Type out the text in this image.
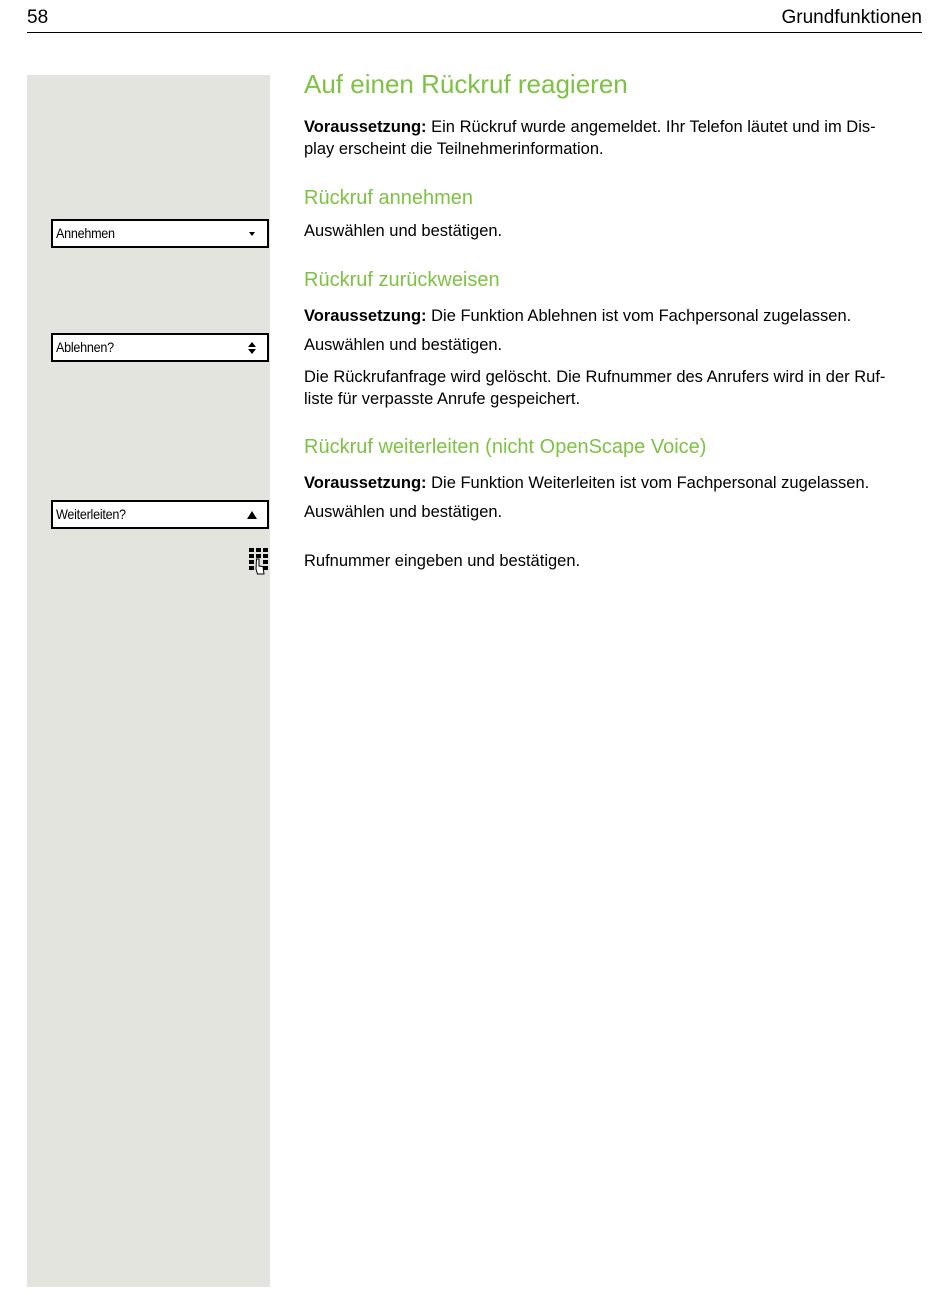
58	Grundfunktionen
Annehmen
Ablehnen?
Weiterleiten?
Auf einen Rückruf reagieren

Voraussetzung: Ein Rückruf wurde angemeldet. Ihr Telefon läutet und im Dis-

play erscheint die Teilnehmerinformation.

Rückruf annehmen

Auswählen und bestätigen.

Rückruf zurückweisen

Voraussetzung: Die Funktion Ablehnen ist vom Fachpersonal zugelassen.

Auswählen und bestätigen.

Die Rückrufanfrage wird gelöscht. Die Rufnummer des Anrufers wird in der Ruf-

liste für verpasste Anrufe gespeichert.

Rückruf weiterleiten (nicht OpenScape Voice)

Voraussetzung: Die Funktion Weiterleiten ist vom Fachpersonal zugelassen.

Auswählen und bestätigen.

Rufnummer eingeben und bestätigen.
